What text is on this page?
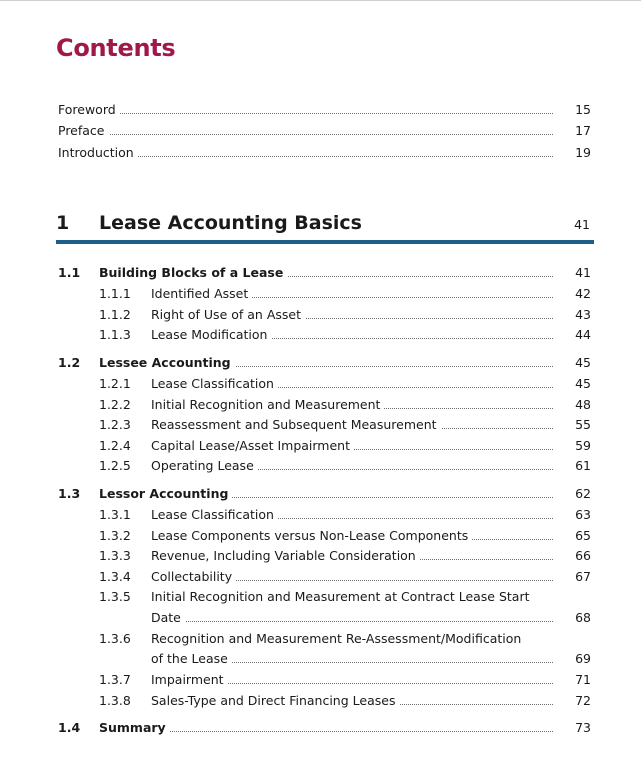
Contents
Foreword	15
Preface	17
Introduction	19
1 Lease Accounting Basics	41
1.1 Building Blocks of a Lease	41
1.1.1 Identified Asset	42
1.1.2 Right of Use of an Asset	43
1.1.3 Lease Modification	44
1.2 Lessee Accounting	45
1.2.1 Lease Classification	45
1.2.2 Initial Recognition and Measurement	48
1.2.3 Reassessment and Subsequent Measurement	55
1.2.4 Capital Lease/Asset Impairment	59
1.2.5 Operating Lease	61
1.3 Lessor Accounting	62
1.3.1 Lease Classification	63
1.3.2 Lease Components versus Non-Lease Components	65
1.3.3 Revenue, Including Variable Consideration	66
1.3.4 Collectability	67
1.3.5 Initial Recognition and Measurement at Contract Lease Start
Date	68
1.3.6 Recognition and Measurement Re-Assessment/Modification
of the Lease	69
1.3.7 Impairment	71
1.3.8 Sales-Type and Direct Financing Leases	72
1.4 Summary	73
